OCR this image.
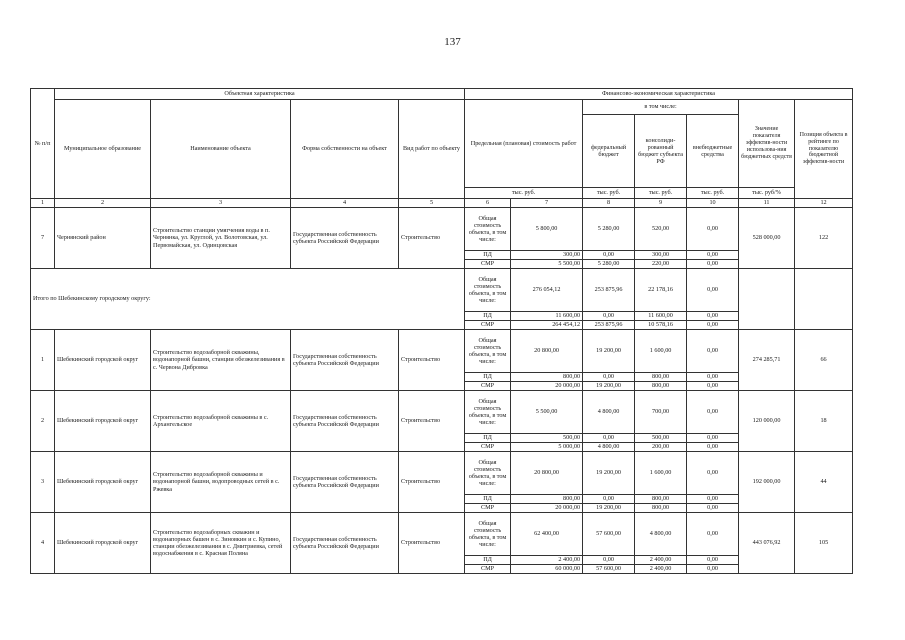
137
№ п/п	Объектная характеристика				Финансово-экономическая характеристика						
	Муниципальное образование	Наименование объекта	Форма собственности на объект	Вид работ по объекту	Предельная (плановая) стоимость работ		в том числе:			Значение показателя эффектив-ности использова-ния бюджетных средств	Позиция объекта в рейтинге по показателю бюджетной эффектив-ности
							федеральный бюджет	консолиди-рованный бюджет субъекта РФ	внебюджетные средства		
					тыс. руб.		тыс. руб.	тыс. руб.	тыс. руб.	тыс. руб/%	
1	2	3	4	5	6	7	8	9	10	11	12
7	Чернянский район	Строительство станции умягчения воды в п. Чернянка, ул. Круглой, ул. Волотовская, ул. Первомайская, ул. Одинцовская	Государственная собственность субъекта Российской Федерации	Строительство	Общая стоимость объекта, в том числе:	5 800,00	5 280,00	520,00	0,00	528 000,00	122
					ПД	300,00	0,00	300,00	0,00		
					СМР	5 500,00	5 280,00	220,00	0,00		
Итого по Шебекинскому городскому округу:					Общая стоимость объекта, в том числе:	276 054,12	253 875,96	22 178,16	0,00		
					ПД	11 600,00	0,00	11 600,00	0,00		
					СМР	264 454,12	253 875,96	10 578,16	0,00		
1	Шебекинский городской округ	Строительство водозаборной скважины, водонапорной башни, станции обезжелезивания в с. Червона Дибровка	Государственная собственность субъекта Российской Федерации	Строительство	Общая стоимость объекта, в том числе:	20 800,00	19 200,00	1 600,00	0,00	274 285,71	66
					ПД	800,00	0,00	800,00	0,00		
					СМР	20 000,00	19 200,00	800,00	0,00		
2	Шебекинский городской округ	Строительство водозаборной скважины в с. Архангельское	Государственная собственность субъекта Российской Федерации	Строительство	Общая стоимость объекта, в том числе:	5 500,00	4 800,00	700,00	0,00	120 000,00	18
					ПД	500,00	0,00	500,00	0,00		
					СМР	5 000,00	4 800,00	200,00	0,00		
3	Шебекинский городской округ	Строительство водозаборной скважины и водонапорной башни, водопроводных сетей в с. Ржевка	Государственная собственность субъекта Российской Федерации	Строительство	Общая стоимость объекта, в том числе:	20 800,00	19 200,00	1 600,00	0,00	192 000,00	44
					ПД	800,00	0,00	800,00	0,00		
					СМР	20 000,00	19 200,00	800,00	0,00		
4	Шебекинский городской округ	Строительство водозаборных скважин и водонапорных башен в с. Зиновкин и с. Купино, станции обезжелезивания в с. Дмитриевка, сетей водоснабжения в с. Красная Поляна	Государственная собственность субъекта Российской Федерации	Строительство	Общая стоимость объекта, в том числе:	62 400,00	57 600,00	4 800,00	0,00	443 076,92	105
					ПД	2 400,00	0,00	2 400,00	0,00		
					СМР	60 000,00	57 600,00	2 400,00	0,00		
